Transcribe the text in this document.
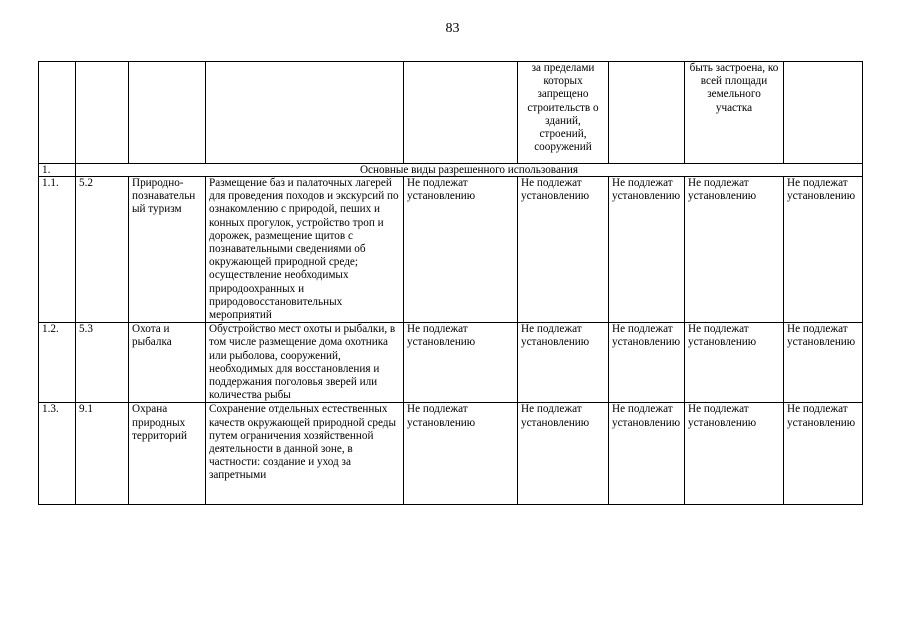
83
					за пределами которых запрещено строительств о зданий, строений, сооружений		быть застроена, ко всей площади земельного участка	
1.	Основные виды разрешенного использования							
1.1.	5.2	Природно-познавательный туризм	Размещение баз и палаточных лагерей для проведения походов и экскурсий по ознакомлению с природой, пеших и конных прогулок, устройство троп и дорожек, размещение щитов с познавательными сведениями об окружающей природной среде; осуществление необходимых природоохранных и природовосстановительных мероприятий	Не подлежат установлению	Не подлежат установлению	Не подлежат установлению	Не подлежат установлению	Не подлежат установлению
1.2.	5.3	Охота и рыбалка	Обустройство мест охоты и рыбалки, в том числе размещение дома охотника или рыболова, сооружений, необходимых для восстановления и поддержания поголовья зверей или количества рыбы	Не подлежат установлению	Не подлежат установлению	Не подлежат установлению	Не подлежат установлению	Не подлежат установлению
1.3.	9.1	Охрана природных территорий	Сохранение отдельных естественных качеств окружающей природной среды путем ограничения хозяйственной деятельности в данной зоне, в частности: создание и уход за запретными	Не подлежат установлению	Не подлежат установлению	Не подлежат установлению	Не подлежат установлению	Не подлежат установлению
